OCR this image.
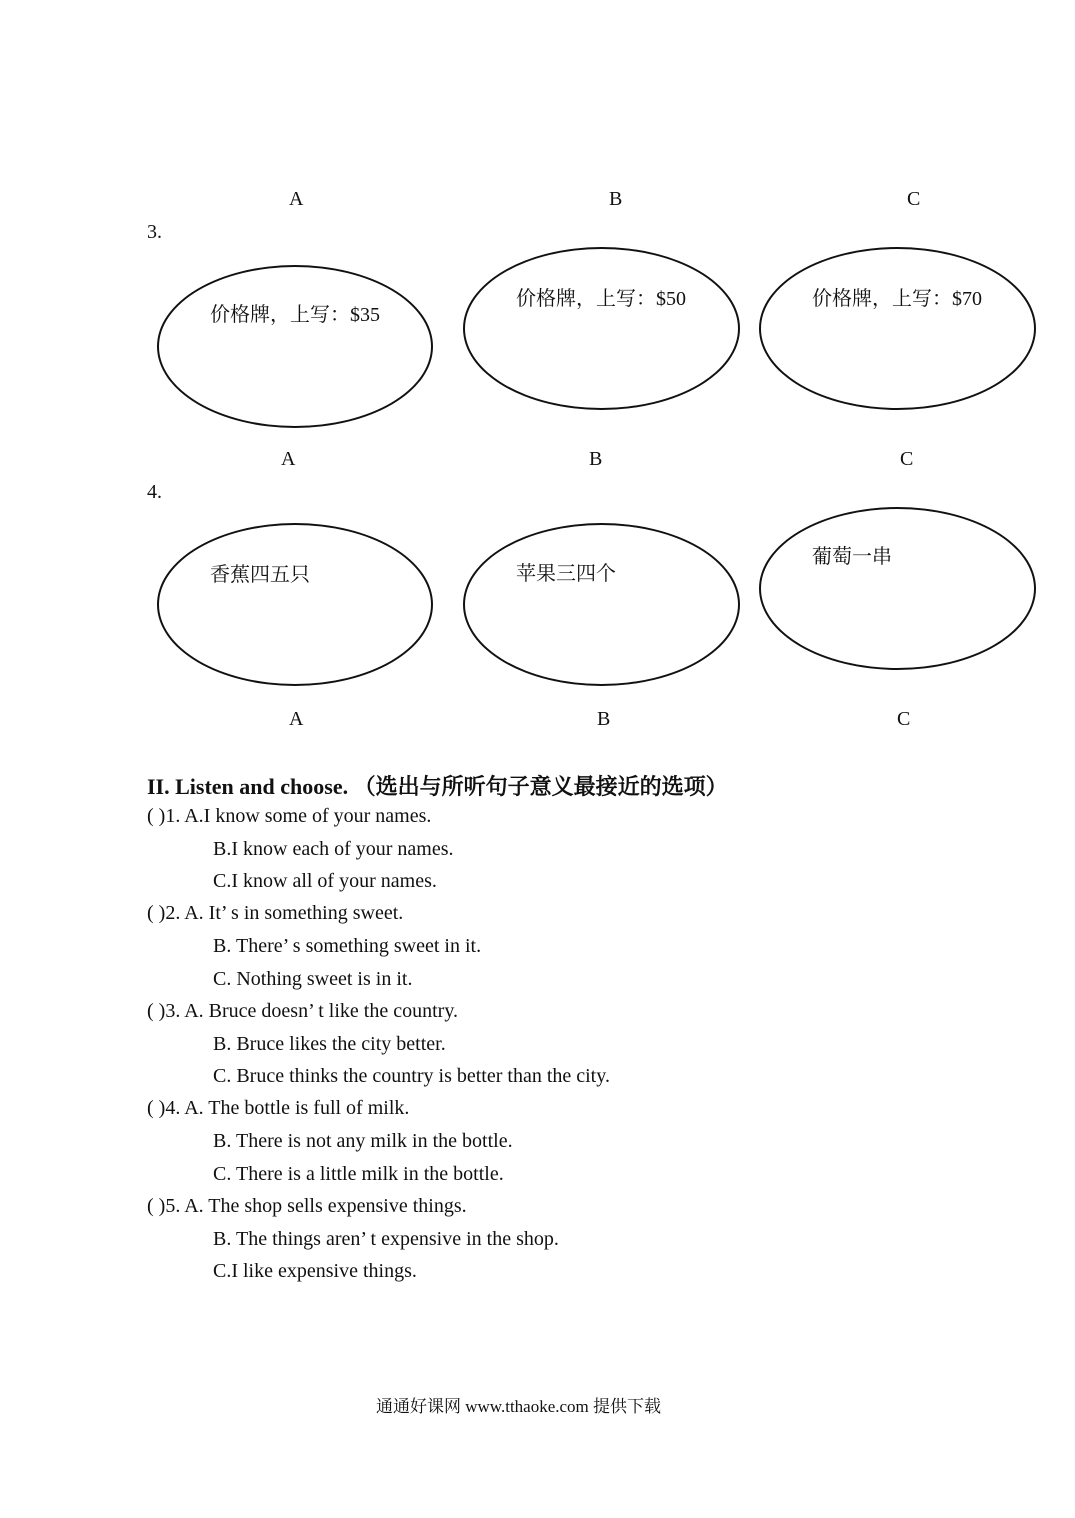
A	B	C
3.
价格牌，上写：$35
价格牌，上写：$50	价格牌，上写：$70
A	B	C
4.
香蕉四五只	苹果三四个
葡萄一串
A	B	C
II. Listen and choose. （选出与所听句子意义最接近的选项）
( )1. A.I know some of your names.
B.I know each of your names.
C.I know all of your names.
( )2. A. It’ s in something sweet.
B. There’ s something sweet in it.
C. Nothing sweet is in it.
( )3. A. Bruce doesn’ t like the country.
B. Bruce likes the city better.
C. Bruce thinks the country is better than the city.
( )4. A. The bottle is full of milk.
B. There is not any milk in the bottle.
C. There is a little milk in the bottle.
( )5. A. The shop sells expensive things.
B. The things aren’ t expensive in the shop.
C.I like expensive things.
通通好课网 www.tthaoke.com 提供下载
